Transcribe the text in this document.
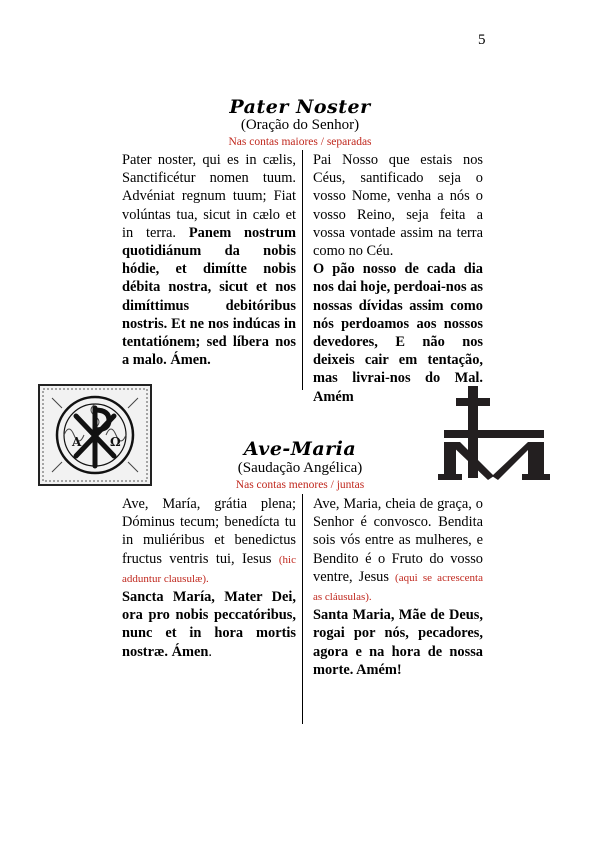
5
Pater Noster
(Oração do Senhor)
Nas contas maiores / separadas

Pater noster, qui es in cælis, Sanctificétur nomen tuum. Advéniat regnum tuum; Fiat volúntas tua, sicut in cælo et in terra. Panem nostrum quotidiánum da nobis hódie, et dimítte nobis débita nostra, sicut et nos dimíttimus debitóribus nostris. Et ne nos indúcas in tentatiónem; sed líbera nos a malo. Ámen.

Pai Nosso que estais nos Céus, santificado seja o vosso Nome, venha a nós o vosso Reino, seja feita a vossa vontade assim na terra como no Céu.

O pão nosso de cada dia nos dai hoje, perdoai-nos as nossas dívidas assim como nós perdoamos aos nossos devedores, E não nos deixeis cair em tentação, mas livrai-nos do Mal. Amém

A Ω	Ave-Maria
(Saudação Angélica)
Nas contas menores / juntas

Ave, María, grátia plena; Dóminus tecum; benedícta tu in muliéribus et benedictus fructus ventris tui, Iesus (hic adduntur clausulæ).

Sancta María, Mater Dei, ora pro nobis peccatóribus, nunc et in hora mortis nostræ. Ámen.

Ave, Maria, cheia de graça, o Senhor é convosco. Bendita sois vós entre as mulheres, e Bendito é o Fruto do vosso ventre, Jesus (aqui se acrescenta as cláusulas).

Santa Maria, Mãe de Deus, rogai por nós, pecadores, agora e na hora de nossa morte. Amém!
